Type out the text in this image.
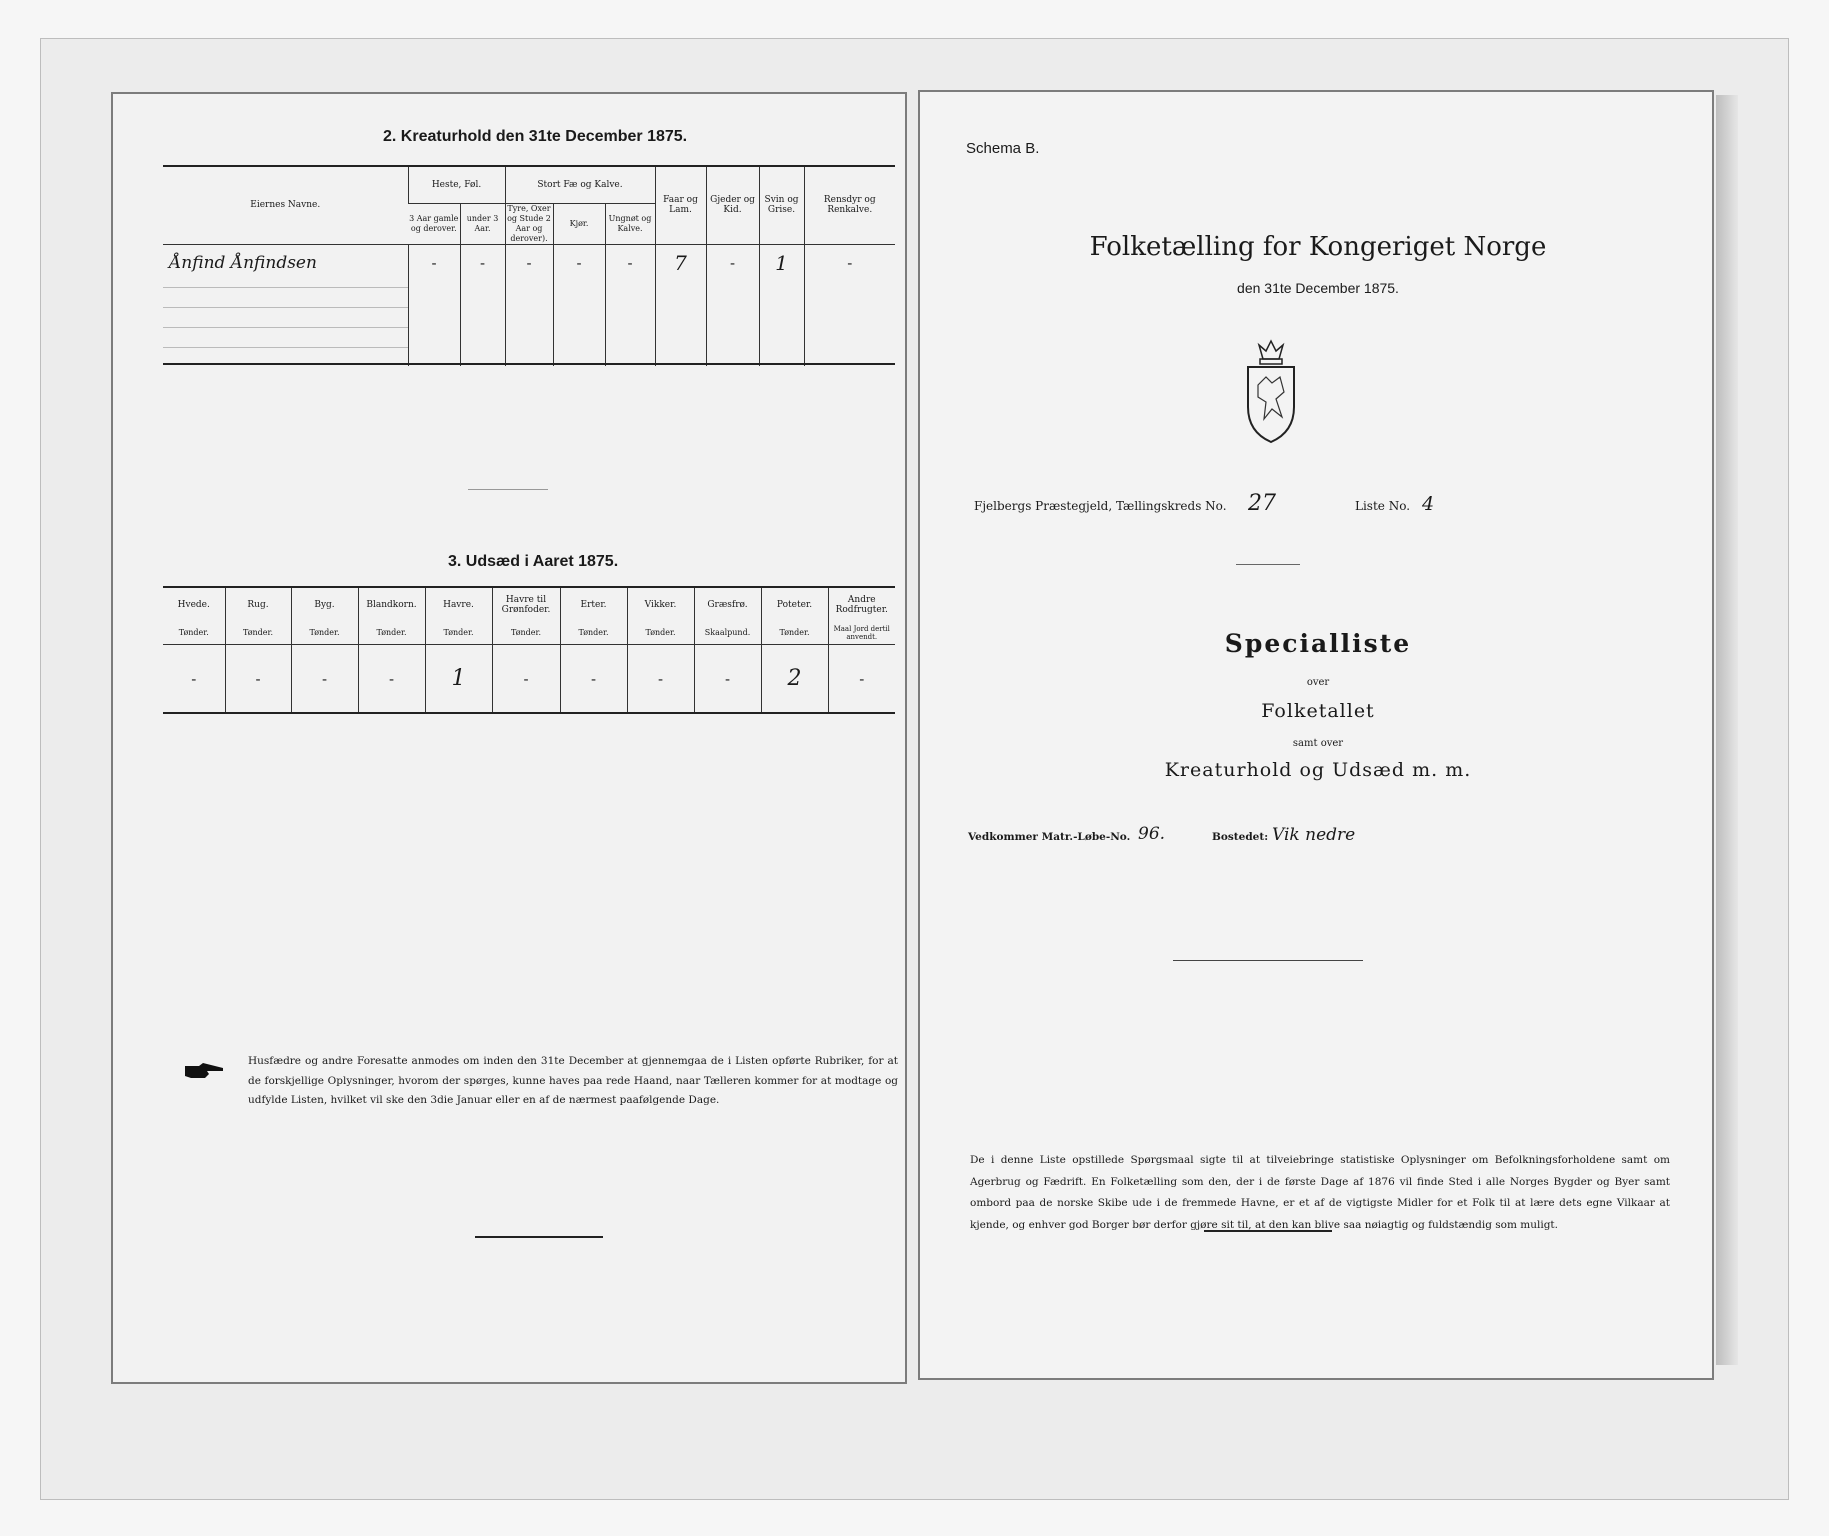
2. Kreaturhold den 31te December 1875.
Eiernes Navne.	Heste, Føl.		Stort Fæ og Kalve.			Faar og Lam.	Gjeder og Kid.	Svin og Grise.	Rensdyr og Renkalve.
	3 Aar gamle og derover.	under 3 Aar.	Tyre, Oxer og Stude 2 Aar og derover).	Kjør.	Ungnøt og Kalve.				
Ånfind Ånfindsen	-	-	-	-	-	7	-	1	-

3. Udsæd i Aaret 1875.
Hvede.	Rug.	Byg.	Blandkorn.	Havre.	Havre til Grønfoder.	Erter.	Vikker.	Græsfrø.	Poteter.	Andre Rodfrugter.
Tønder.	Tønder.	Tønder.	Tønder.	Tønder.	Tønder.	Tønder.	Tønder.	Skaalpund.	Tønder.	Maal Jord dertil anvendt.
-	-	-	-	1	-	-	-	-	2	-
Husfædre og andre Foresatte anmodes om inden den 31te December at gjennemgaa de i Listen opførte Rubriker, for at de forskjellige Oplysninger, hvorom der spørges, kunne haves paa rede Haand, naar Tælleren kommer for at modtage og udfylde Listen, hvilket vil ske den 3die Januar eller en af de nærmest paafølgende Dage.
Schema B.
Folketælling for Kongeriget Norge
den 31te December 1875.
Fjelbergs Præstegjeld, Tællingskreds No. 27	Liste No. 4
Specialliste
over
Folketallet
samt over
Kreaturhold og Udsæd m. m.
Vedkommer Matr.-Løbe-No. 96.	Bostedet: Vik nedre
De i denne Liste opstillede Spørgsmaal sigte til at tilveiebringe statistiske Oplysninger om Befolkningsforholdene samt om Agerbrug og Fædrift. En Folketælling som den, der i de første Dage af 1876 vil finde Sted i alle Norges Bygder og Byer samt ombord paa de norske Skibe ude i de fremmede Havne, er et af de vigtigste Midler for et Folk til at lære dets egne Vilkaar at kjende, og enhver god Borger bør derfor gjøre sit til, at den kan blive saa nøiagtig og fuldstændig som muligt.
